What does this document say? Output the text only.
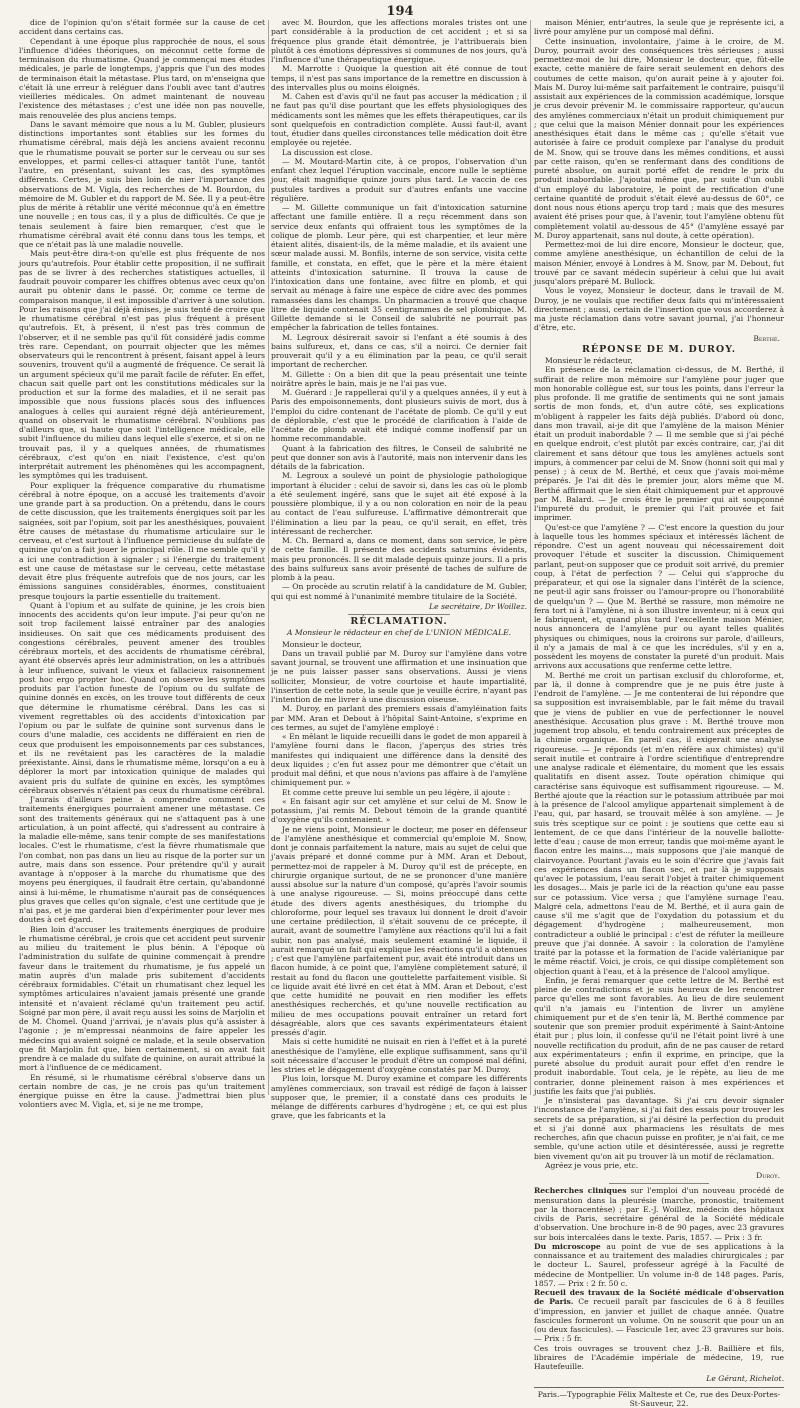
194

dice de l'opinion qu'on s'était formée sur la cause de cet accident dans certains cas.

Cependant à une époque plus rapprochée de nous, el sous l'influence d'idées théoriques, on méconnut cette forme de terminaison du rhumatisme. Quand je commençai mes études médicales, je parle de longtemps, j'appris que l'un des modes de terminaison était la métastase. Plus tard, on m'enseigna que c'était là une erreur à reléguer dans l'oubli avec tant d'autres vieilleries médicales. On admet maintenant de nouveau l'existence des métastases ; c'est une idée non pas nouvelle, mais renouvelée des plus anciens temps.

Dans le savant mémoire que nous a lu M. Gubler, plusieurs distinctions importantes sont établies sur les formes du rhumatisme cérébral, mais déjà les anciens avaient reconnu que le rhumatisme pouvait se porter sur le cerveau ou sur ses enveloppes, et parmi celles-ci attaquer tantôt l'une, tantôt l'autre, en présentant, suivant les cas, des symptômes différents. Certes, je suis bien loin de nier l'importance des observations de M. Vigla, des recherches de M. Bourdon, du mémoire de M. Gubler et du rapport de M. Sée. Il y a peut-être plus de mérite à rétablir une vérité méconnue qu'à en émettre une nouvelle ; en tous cas, il y a plus de difficultés. Ce que je tenais seulement à faire bien remarquer, c'est que le rhumatisme cérébral avait été connu dans tous les temps, et que ce n'était pas là une maladie nouvelle.

Mais peut-être dira-t-on qu'elle est plus fréquente de nos jours qu'autrefois. Pour établir cette proposition, il ne suffirait pas de se livrer à des recherches statistiques actuelles, il faudrait pouvoir comparer les chiffres obtenus avec ceux qu'on aurait pu obtenir dans le passé. Or, comme ce terme de comparaison manque, il est impossible d'arriver à une solution. Pour les raisons que j'ai déjà émises, je suis tenté de croire que le rhumatisme cérébral n'est pas plus fréquent à présent qu'autrefois. Et, à présent, il n'est pas très commun de l'observer, et il ne semble pas qu'il fût considéré jadis comme très rare. Cependant, on pourrait objecter que les mêmes observateurs qui le rencontrent à présent, faisant appel à leurs souvenirs, trouvent qu'il a augmenté de fréquence. Ce serait là un argument spécieux qu'il me paraît facile de réfuter. En effet, chacun sait quelle part ont les constitutions médicales sur la production et sur la forme des maladies, et il ne serait pas impossible que nous fussions placés sous des influences analogues à celles qui auraient régné déjà antérieurement, quand on observait le rhumatisme cérébral. N'oublions pas d'ailleurs que, si haute que soit l'intelligence médicale, elle subit l'influence du milieu dans lequel elle s'exerce, et si on ne trouvait pas, il y a quelques années, de rhumatismes cérébraux, c'est qu'on en niait l'existence, c'est qu'on interprétait autrement les phénomènes qui les accompagnent, les symptômes qui les traduisent.

Pour expliquer la fréquence comparative du rhumatisme cérébral à notre époque, on a accusé les traitements d'avoir une grande part à sa production. On a prétendu, dans le cours de cette discussion, que les traitements énergiques soit par les saignées, soit par l'opium, soit par les anesthésiques, pouvaient être causes de métastase du rhumatisme articulaire sur le cerveau, et c'est surtout à l'influence pernicieuse du sulfate de quinine qu'on a fait jouer le principal rôle. Il me semble qu'il y a ici une contradiction à signaler ; si l'énergie du traitement est une cause de métastase sur le cerveau, cette métastase devait être plus fréquente autrefois que de nos jours, car les émissions sanguines considérables, énormes, constituaient presque toujours la partie essentielle du traitement.

Quant à l'opium et au sulfate de quinine, je les crois bien innocents des accidents qu'on leur impute. J'ai peur qu'on ne soit trop facilement laissé entraîner par des analogies insidieuses. On sait que ces médicaments produisent des congestions cérébrales, peuvent amener des troubles cérébraux mortels, et des accidents de rhumatisme cérébral, ayant été observés après leur administration, on les a attribués à leur influence, suivant le vieux et fallacieux raisonnement post hoc ergo propter hoc. Quand on observe les symptômes produits par l'action funeste de l'opium ou du sulfate de quinine donnés en excès, on les trouve tout différents de ceux que détermine le rhumatisme cérébral. Dans les cas si vivement regrettables où des accidents d'intoxication par l'opium ou par le sulfate de quinine sont survenus dans le cours d'une maladie, ces accidents ne différaient en rien de ceux que produisent les empoisonnements par ces substances, et ils ne revêtaient pas les caractères de la maladie préexistante. Ainsi, dans le rhumatisme même, lorsqu'on a eu à déplorer la mort par intoxication quinique de malades qui avaient pris du sulfate de quinine en excès, les symptômes cérébraux observés n'étaient pas ceux du rhumatisme cérébral.

J'aurais d'ailleurs peine à comprendre comment ces traitements énergiques pourraient amener une métastase. Ce sont des traitements généraux qui ne s'attaquent pas à une articulation, à un point affecté, qui s'adressent au contraire à la maladie elle-même, sans tenir compte de ses manifestations locales. C'est le rhumatisme, c'est la fièvre rhumatismale que l'on combat, non pas dans un lieu au risque de la porter sur un autre, mais dans son essence. Pour prétendre qu'il y aurait avantage à n'opposer à la marche du rhumatisme que des moyens peu énergiques, il faudrait être certain, qu'abandonné ainsi à lui-même, le rhumatisme n'aurait pas de conséquences plus graves que celles qu'on signale, c'est une certitude que je n'ai pas, et je me garderai bien d'expérimenter pour lever mes doutes à cet égard.

Bien loin d'accuser les traitements énergiques de produire le rhumatisme cérébral, je crois que cet accident peut survenir au milieu du traitement le plus bénin. A l'époque où l'administration du sulfate de quinine commençait à prendre faveur dans le traitement du rhumatisme, je fus appelé un matin auprès d'un malade pris subitement d'accidents cérébraux formidables. C'était un rhumatisant chez lequel les symptômes articulaires n'avaient jamais présenté une grande intensité et n'avaient réclamé qu'un traitement peu actif. Soigné par mon père, il avait reçu aussi les soins de Marjolin et de M. Chomel. Quand j'arrivai, je n'avais plus qu'à assister à l'agonie ; je m'empressai néanmoins de faire appeler les médecins qui avaient soigné ce malade, et la seule observation que fit Marjolin fut que, bien certainement, si on avait fait prendre à ce malade du sulfate de quinine, on aurait attribué la mort à l'influence de ce médicament.

En résumé, si le rhumatisme cérébral s'observe dans un certain nombre de cas, je ne crois pas qu'un traitement énergique puisse en être la cause. J'admettrai bien plus volontiers avec M. Vigla, et, si je ne me trompe,

avec M. Bourdon, que les affections morales tristes ont une part considérable à la production de cet accident ; et si sa fréquence plus grande était démontrée, je l'attribuerais bien plutôt à ces émotions dépressives si communes de nos jours, qu'à l'influence d'une thérapeutique énergique.

M. Marrotte : Quoique la question ait été connue de tout temps, il n'est pas sans importance de la remettre en discussion à des intervalles plus ou moins éloignés.

M. Cahen est d'avis qu'il ne faut pas accuser la médication ; il ne faut pas qu'il dise pourtant que les effets physiologiques des médicaments sont les mêmes que les effets thérapeutiques, car ils sont quelquefois en contradiction complète. Aussi faut-il, avant tout, étudier dans quelles circonstances telle médication doit être employée ou rejetée.

La discussion est close.

— M. Moutard-Martin cite, à ce propos, l'observation d'un enfant chez lequel l'éruption vaccinale, encore nulle le septième jour, était magnifique quinze jours plus tard. Le vaccin de ces pustules tardives a produit sur d'autres enfants une vaccine régulière.

— M. Gillette communique un fait d'intoxication saturnine affectant une famille entière. Il a reçu récemment dans son service deux enfants qui offraient tous les symptômes de la colique de plomb. Leur père, qui est charpentier, et leur mère étaient alités, disaient-ils, de la même maladie, et ils avaient une sœur malade aussi. M. Bonfils, interne de son service, visita cette famille, et constata, en effet, que le père et la mère étaient atteints d'intoxication saturnine. Il trouva la cause de l'intoxication dans une fontaine, avec filtre en plomb, et qui servait au ménage à faire une espèce de cidre avec des pommes ramassées dans les champs. Un pharmacien a trouvé que chaque litre de liquide contenait 35 centigrammes de sel plombique. M. Gillette demande si le Conseil de salubrité ne pourrait pas empêcher la fabrication de telles fontaines.

M. Legroux désirerait savoir si l'enfant a été soumis à des bains sulfureux, et, dans ce cas, s'il a noirci. Ce dernier fait prouverait qu'il y a eu élimination par la peau, ce qu'il serait important de rechercher.

M. Gillette : On a bien dit que la peau présentait une teinte noirâtre après le bain, mais je ne l'ai pas vue.

M. Guérard : Je rappellerai qu'il y a quelques années, il y eut à Paris des empoisonnements, dont plusieurs suivis de mort, dus à l'emploi du cidre contenant de l'acétate de plomb. Ce qu'il y eut de déplorable, c'est que le procédé de clarification à l'aide de l'acétate de plomb avait été indiqué comme inoffensif par un homme recommandable.

Quant à la fabrication des filtres, le Conseil de salubrité ne peut que donner son avis à l'autorité, mais non intervenir dans les détails de la fabrication.

M. Legroux a soulevé un point de physiologie pathologique important à élucider : celui de savoir si, dans les cas où le plomb a été seulement ingéré, sans que le sujet ait été exposé à la poussière plombique, il y a ou non coloration en noir de la peau au contact de l'eau sulfureuse. L'affirmative démontrerait que l'élimination a lieu par la peau, ce qu'il serait, en effet, très intéressant de rechercher.

M. Ch. Bernard a, dans ce moment, dans son service, le père de cette famille. Il présente des accidents saturnins évidents, mais peu prononcés. Il se dit malade depuis quinze jours. Il a pris des bains sulfureux sans avoir présenté de taches de sulfure de plomb à la peau.

— On procède au scrutin relatif à la candidature de M. Gubler, qui qui est nommé à l'unanimité membre titulaire de la Société.

Le secrétaire, Dr Woillez.
RÉCLAMATION.
A Monsieur le rédacteur en chef de L'UNION MÉDICALE.

Monsieur le docteur,

Dans un travail publié par M. Duroy sur l'amylène dans votre savant journal, se trouvent une affirmation et une insinuation que je ne puis laisser passer sans observations. Aussi je viens solliciter, Monsieur, de votre courtoise et haute impartialité, l'insertion de cette note, la seule que je veuille écrire, n'ayant pas l'intention de me livrer à une discussion oiseuse.

M. Duroy, en parlant des premiers essais d'amyléination faits par MM. Aran et Debout à l'hôpital Saint-Antoine, s'exprime en ces termes, au sujet de l'amylène employé :

« En mêlant le liquide recueilli dans le godet de mon appareil à l'amylène fourni dans le flacon, j'aperçus des stries très manifestes qui indiquaient une différence dans la densité des deux liquides ; c'en fut assez pour me démontrer que c'était un produit mal défini, et que nous n'avions pas affaire à de l'amylène chimiquement pur. »

Et comme cette preuve lui semble un peu légère, il ajoute :

« En faisant agir sur cet amylène et sur celui de M. Snow le potassium, j'ai remis M. Debout témoin de la grande quantité d'oxygène qu'ils contenaient. »

Je ne viens point, Monsieur le docteur, me poser en défenseur de l'amylène anesthésique et commercial qu'emploie M. Snow, dont je connais parfaitement la nature, mais au sujet de celui que j'avais préparé et donné comme pur à MM. Aran et Debout, permettez-moi de rappeler à M. Duroy qu'il est de précepte, en chirurgie organique surtout, de ne se prononcer d'une manière aussi absolue sur la nature d'un composé, qu'après l'avoir soumis à une analyse rigoureuse. — Si, moins préoccupé dans cette étude des divers agents anesthésiques, du triomphe du chloroforme, pour lequel ses travaux lui donnent le droit d'avoir une certaine prédilection, il s'était souvenu de ce précepte, il aurait, avant de soumettre l'amylène aux réactions qu'il lui a fait subir, non pas analysé, mais seulement examiné le liquide, il aurait remarqué un fait qui explique les réactions qu'il a obtenues ; c'est que l'amylène parfaitement pur, avait été introduit dans un flacon humide, à ce point que, l'amylène complètement saturé, il restait au fond du flacon une gouttelette parfaitement visible. Si ce liquide avait été livré en cet état à MM. Aran et Debout, c'est que cette humidité ne pouvait en rien modifier les effets anesthésiques recherchés, et qu'une nouvelle rectification au milieu de mes occupations pouvait entraîner un retard fort désagréable, alors que ces savants expérimentateurs étaient pressés d'agir.

Mais si cette humidité ne nuisait en rien à l'effet et à la pureté anesthésique de l'amylène, elle explique suffisamment, sans qu'il soit nécessaire d'accuser le produit d'être un composé mal défini, les stries et le dégagement d'oxygène constatés par M. Duroy.

Plus loin, lorsque M. Duroy examine et compare les différents amylènes commerciaux, son travail est rédigé de façon à laisser supposer que, le premier, il a constaté dans ces produits le mélange de différents carbures d'hydrogène ; et, ce qui est plus grave, que les fabricants et la

maison Ménier, entr'autres, la seule que je représente ici, a livré pour amylène pur un composé mal défini.

Cette insinuation, involontaire, j'aime à le croire, de M. Duroy, pourrait avoir des conséquences très sérieuses ; aussi permettez-moi de lui dire, Monsieur le docteur, que, fût-elle exacte, cette manière de faire serait seulement en dehors des coutumes de cette maison, qu'on aurait peine à y ajouter foi. Mais M. Duroy lui-même sait parfaitement le contraire, puisqu'il assistait aux expériences de la commission académique, lorsque je crus devoir prévenir M. le commissaire rapporteur, qu'aucun des amylènes commerciaux n'était un produit chimiquement pur ; que celui que la maison Ménier donnait pour les expériences anesthésiques était dans le même cas ; qu'elle s'était vue autorisée à faire ce produit complexe par l'analyse du produit de M. Snow, qui se trouve dans les mêmes conditions, et aussi par cette raison, qu'en se renfermant dans des conditions de pureté absolue, on aurait porté effet de rendre le prix du produit inabordable. J'ajoutai même que, par suite d'un oubli d'un employé du laboratoire, le point de rectification d'une certaine quantité de produit s'était élevé au-dessus de 60°, ce dont nous nous étions aperçu trop tard ; mais que des mesures avaient été prises pour que, à l'avenir, tout l'amylène obtenu fût complètement volatil au-dessous de 45° (l'amylène essayé par M. Duroy appartenait, sans nul doute, à cette opération).

Permettez-moi de lui dire encore, Monsieur le docteur, que, comme amylène anesthésique, un échantillon de celui de la maison Ménier, envoyé à Londres à M. Snow, par M. Debout, fut trouvé par ce savant médecin supérieur à celui que lui avait jusqu'alors préparé M. Bullock.

Vous le voyez, Monsieur le docteur, dans le travail de M. Duroy, je ne voulais que rectifier deux faits qui m'intéressaient directement ; aussi, certain de l'insertion que vous accorderez à ma juste réclamation dans votre savant journal, j'ai l'honneur d'être, etc.

Berthé.
RÉPONSE DE M. DUROY.

Monsieur le rédacteur,

En présence de la réclamation ci-dessus, de M. Berthé, il suffirait de relire mon mémoire sur l'amylène pour juger que mon honorable collègue est, sur tous les points, dans l'erreur la plus profonde. Il me gratifie de sentiments qui ne sont jamais sortis de mon fonds, et, d'un autre côté, ses explications m'obligent à rappeler les faits déjà publiés. D'abord où donc, dans mon travail, ai-je dit que l'amylène de la maison Ménier était un produit inabordable ? — Il me semble que si j'ai péché en quelque endroit, c'est plutôt par excès contraire, car, j'ai dit clairement et sans détour que tous les amylènes actuels sont impurs, à commencer par celui de M. Snow (honni soit qui mal y pense) ; à ceux de M. Berthé, et ceux que j'avais moi-même préparés. Je l'ai dit dès le premier jour, alors même que M. Berthé affirmait que le sien était chimiquement pur et approuvé par M. Balard. — Je crois être le premier qui ait soupçonné l'impureté du produit, le premier qui l'ait prouvée et fait imprimer.

Qu'est-ce que l'amylène ? — C'est encore la question du jour à laquelle tous les hommes spéciaux et intéressés lâchent de répondre. C'est un agent nouveau qui nécessairement doit provoquer l'étude et susciter la discussion. Chimiquement parlant, peut-on supposer que ce produit soit arrivé, du premier coup, à l'état de perfection ? — Celui qui s'approche du préparateur, et qui ose la signaler dans l'intérêt de la science, ne peut-il agir sans froisser ou l'amour-propre ou l'honorabilité de quelqu'un ? — Que M. Berthé se rassure, mon mémoire ne fera tort ni à l'amylène, ni à son illustre inventeur, ni à ceux qui le fabriquent, et, quand plus tard l'excellente maison Ménier, nous annoncera de l'amylène pur ou ayant telles qualités physiques ou chimiques, nous la croirons sur parole, d'ailleurs, il n'y a jamais de mal à ce que les incrédules, s'il y en a, possèdent les moyens de constater la pureté d'un produit. Mais arrivons aux accusations que renferme cette lettre.

M. Berthé me croit un partisan exclusif du chloroforme, et, par là, il donne à comprendre que je ne puis être juste à l'endroit de l'amylène. — Je me contenterai de lui répondre que sa supposition est invraisemblable, par le fait même du travail que je viens de publier en vue de perfectionner le nouvel anesthésique. Accusation plus grave : M. Berthé trouve mon jugement trop absolu, et tendu contrairement aux préceptes de la chimie organique. En pareil cas, il exigerait une analyse rigoureuse. — Je réponds (et m'en réfère aux chimistes) qu'il serait inutile et contraire à l'ordre scientifique d'entreprendre une analyse radicale et élémentaire, du moment que les essais qualitatifs en disent assez. Toute opération chimique qui caractérise sans équivoque est suffisamment rigoureuse. — M. Berthé ajoute que la réaction sur le potassium attribuée par moi à la présence de l'alcool amylique appartenait simplement à de l'eau, qui, par hasard, se trouvait mêlée à son amylène. — Je suis très sceptique sur ce point : je soutiens que cette eau si lentement, de ce que dans l'intérieur de la nouvelle ballotte-lette d'eau ; cause de mon erreur, tandis que moi-même ayant le flacon entre les mains..., mais supposons que j'aie manqué de clairvoyance. Pourtant j'avais eu le soin d'écrire que j'avais fait ces expériences dans un flacon sec, et par là je supposais qu'avec le potassium, l'eau serait l'objet à traiter chimiquement les dosages... Mais je parle ici de la réaction qu'une eau passe sur ce potassium. Vice versa ; que l'amylène surnage l'eau. Malgré cela, admettons l'eau de M. Berthé, et il aura gain de cause s'il me s'agit que de l'oxydation du potassium et du dégagement d'hydrogène ; malheureusement, mon contradicteur a oublié le principal : c'est de réfuter la meilleure preuve que j'ai donnée. A savoir : la coloration de l'amylène traité par la potasse et la formation de l'acide valérianique par le même réactif. Voici, je crois, ce qui dissipe complètement son objection quant à l'eau, et à la présence de l'alcool amylique.

Enfin, je ferai remarquer que cette lettre de M. Berthé est pleine de contradictions et je suis heureux de les rencontrer parce qu'elles me sont favorables. Au lieu de dire seulement qu'il n'a jamais eu l'intention de livrer un amylène chimiquement pur et de s'en tenir là, M. Berthé commence par soutenir que son premier produit expérimenté à Saint-Antoine était pur ; plus loin, il confesse qu'il ne l'était point livré à une nouvelle rectification du produit, afin de ne pas causer de retard aux expérimentateurs ; enfin il exprime, en principe, que la pureté absolue du produit aurait pour effet d'en rendre le produit inabordable. Tout cela, je le répète, au lieu de me contrarier, donne pleinement raison à mes expériences et justifie les faits que j'ai publiés.

Je n'insisterai pas davantage. Si j'ai cru devoir signaler l'inconstance de l'amylène, si j'ai fait des essais pour trouver les secrets de sa préparation, si j'ai désiré la perfection du produit et si j'ai donné aux pharmaciens les résultats de mes recherches, afin que chacun puisse en profiter, je n'ai fait, ce me semble, qu'une action utile et désintéressée, aussi je regrette bien vivement qu'on ait pu trouver là un motif de réclamation.

Agréez je vous prie, etc.

Duroy.

Recherches cliniques sur l'emploi d'un nouveau procédé de mensuration dans la pleurésie (marche, pronostic, traitement par la thoracentèse) ; par E.-J. Woillez, médecin des hôpitaux civils de Paris, secrétaire général de la Société médicale d'observation. Une brochure in-8 de 90 pages, avec 23 gravures sur bois intercalées dans le texte. Paris, 1857. — Prix : 3 fr.

Du microscope au point de vue de ses applications à la connaissance et au traitement des maladies chirurgicales ; par le docteur L. Saurel, professeur agrégé à la Faculté de médecine de Montpellier. Un volume in-8 de 148 pages. Paris, 1857. — Prix : 2 fr. 50 c.

Recueil des travaux de la Société médicale d'observation de Paris. Ce recueil paraît par fascicules de 6 à 8 feuilles d'impression, en janvier et juillet de chaque année. Quatre fascicules formeront un volume. On ne souscrit que pour un an (ou deux fascicules). — Fascicule 1er, avec 23 gravures sur bois. — Prix : 5 fr.

Ces trois ouvrages se trouvent chez J.-B. Baillière et fils, libraires de l'Académie impériale de médecine, 19, rue Hautefeuille.

Le Gérant, Richelot.
Paris.—Typographie Félix Malteste et Ce, rue des Deux-Portes-St-Sauveur, 22.
